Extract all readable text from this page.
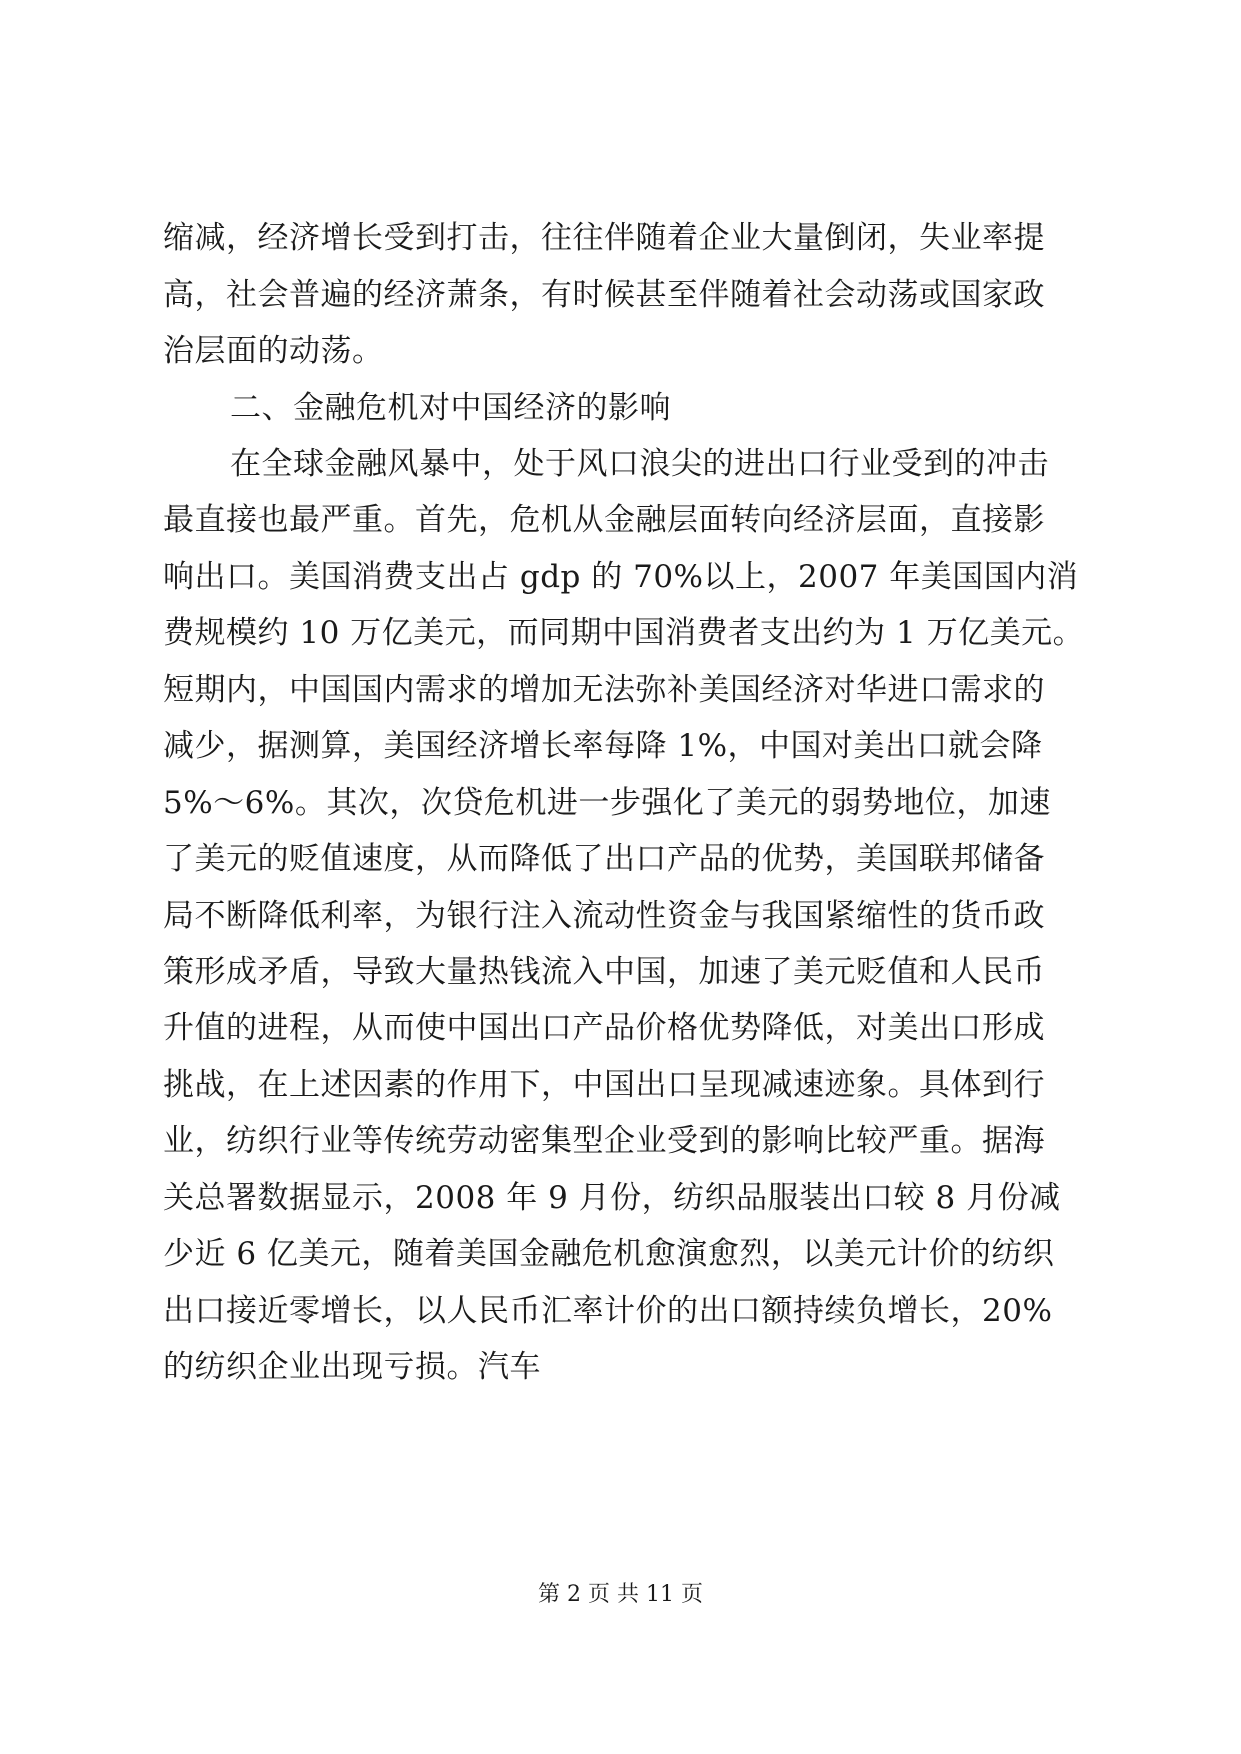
缩减，经济增长受到打击，往往伴随着企业大量倒闭，失业率提
高，社会普遍的经济萧条，有时候甚至伴随着社会动荡或国家政
治层面的动荡。
二、金融危机对中国经济的影响
在全球金融风暴中，处于风口浪尖的进出口行业受到的冲击
最直接也最严重。首先，危机从金融层面转向经济层面，直接影
响出口。美国消费支出占 gdp 的 70%以上，2007 年美国国内消
费规模约 10 万亿美元，而同期中国消费者支出约为 1 万亿美元。
短期内，中国国内需求的增加无法弥补美国经济对华进口需求的
减少，据测算，美国经济增长率每降 1%，中国对美出口就会降
5%～6%。其次，次贷危机进一步强化了美元的弱势地位，加速
了美元的贬值速度，从而降低了出口产品的优势，美国联邦储备
局不断降低利率，为银行注入流动性资金与我国紧缩性的货币政
策形成矛盾，导致大量热钱流入中国，加速了美元贬值和人民币
升值的进程，从而使中国出口产品价格优势降低，对美出口形成
挑战，在上述因素的作用下，中国出口呈现减速迹象。具体到行
业，纺织行业等传统劳动密集型企业受到的影响比较严重。据海
关总署数据显示，2008 年 9 月份，纺织品服装出口较 8 月份减
少近 6 亿美元，随着美国金融危机愈演愈烈，以美元计价的纺织
出口接近零增长，以人民币汇率计价的出口额持续负增长，20%
的纺织企业出现亏损。汽车
第 2 页 共 11 页
